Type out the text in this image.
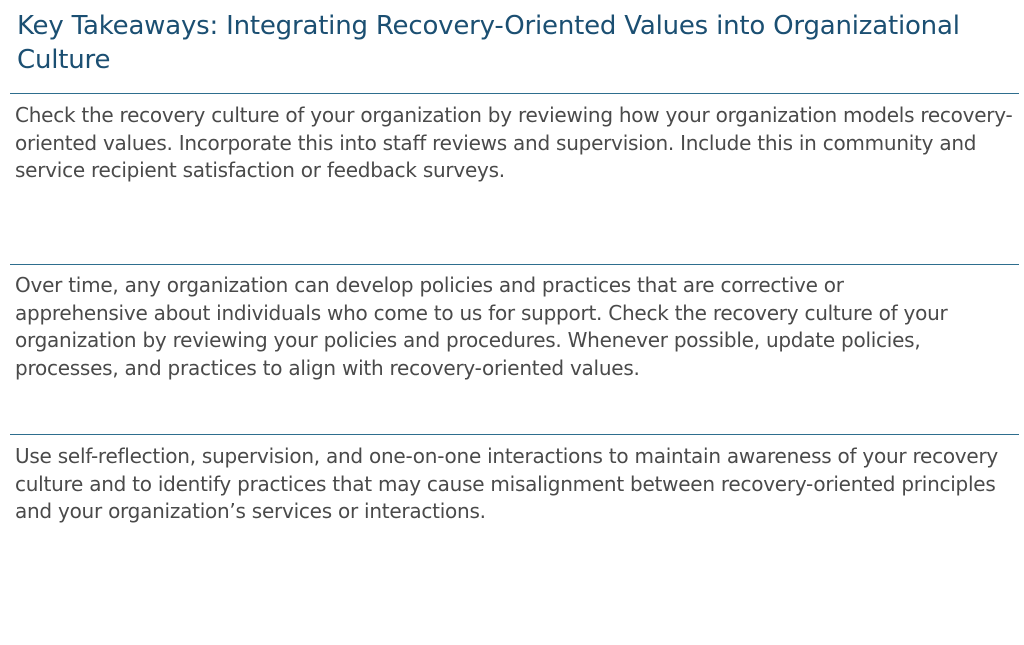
Key Takeaways: Integrating Recovery-Oriented Values into Organizational Culture

Check the recovery culture of your organization by reviewing how your organization models recovery-oriented values. Incorporate this into staff reviews and supervision. Include this in community and service recipient satisfaction or feedback surveys.

Over time, any organization can develop policies and practices that are corrective or apprehensive about individuals who come to us for support. Check the recovery culture of your organization by reviewing your policies and procedures. Whenever possible, update policies, processes, and practices to align with recovery-oriented values.

Use self-reflection, supervision, and one-on-one interactions to maintain awareness of your recovery culture and to identify practices that may cause misalignment between recovery-oriented principles and your organization’s services or interactions.
